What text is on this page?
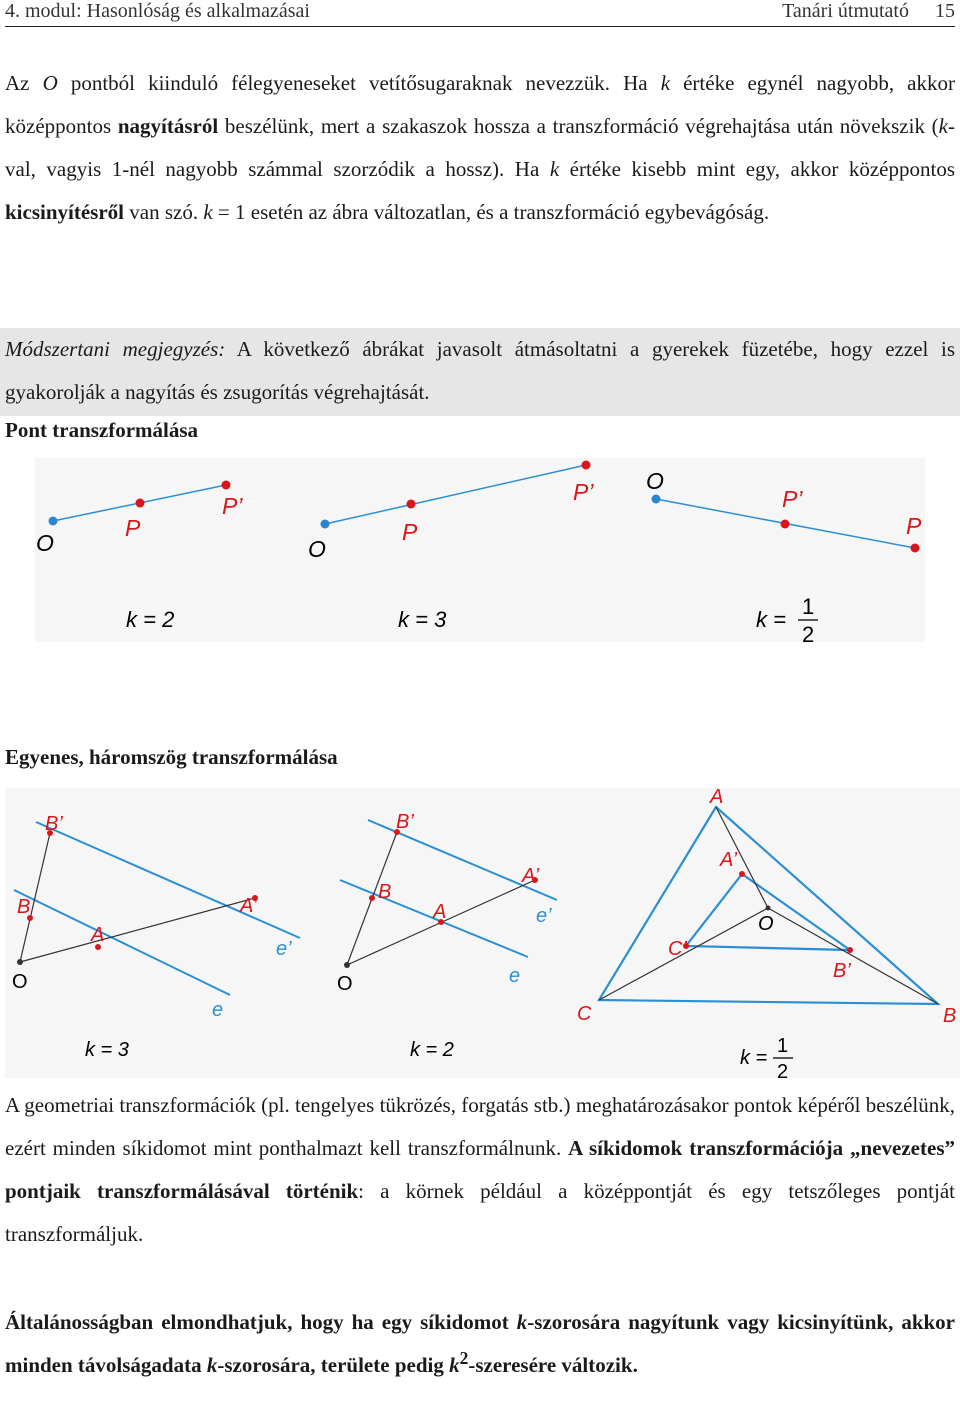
4. modul: Hasonlóság és alkalmazásai	Tanári útmutató 15

Az O pontból kiinduló félegyeneseket vetítősugaraknak nevezzük. Ha k értéke egynél nagyobb, akkor középpontos nagyításról beszélünk, mert a szakaszok hossza a transzformáció végrehajtása után növekszik (k-val, vagyis 1-nél nagyobb számmal szorzódik a hossz). Ha k értéke kisebb mint egy, akkor középpontos kicsinyítésről van szó. k = 1 esetén az ábra változatlan, és a transzformáció egybevágóság.

Módszertani megjegyzés: A következő ábrákat javasolt átmásoltatni a gyerekek füzetébe, hogy ezzel is gyakorolják a nagyítás és zsugorítás végrehajtását.

Pont transzformálása
O
P
P’
k = 2
O
P
P’
k = 3
O
P’
P
k =
1
2
Egyenes, háromszög transzformálása
B’
B
A
A’
O
e’
e
k = 3
B’
B
A
A’
O
e’
e
k = 2
A
A’
O
C’
B’
C	B
k =
1
2

A geometriai transzformációk (pl. tengelyes tükrözés, forgatás stb.) meghatározásakor pontok képéről beszélünk, ezért minden síkidomot mint ponthalmazt kell transzformálnunk. A síkidomok transzformációja „nevezetes” pontjaik transzformálásával történik: a körnek például a középpontját és egy tetszőleges pontját transzformáljuk.

Általánosságban elmondhatjuk, hogy ha egy síkidomot k-szorosára nagyítunk vagy kicsinyítünk, akkor minden távolságadata k-szorosára, területe pedig $k^2$-szeresére változik.
